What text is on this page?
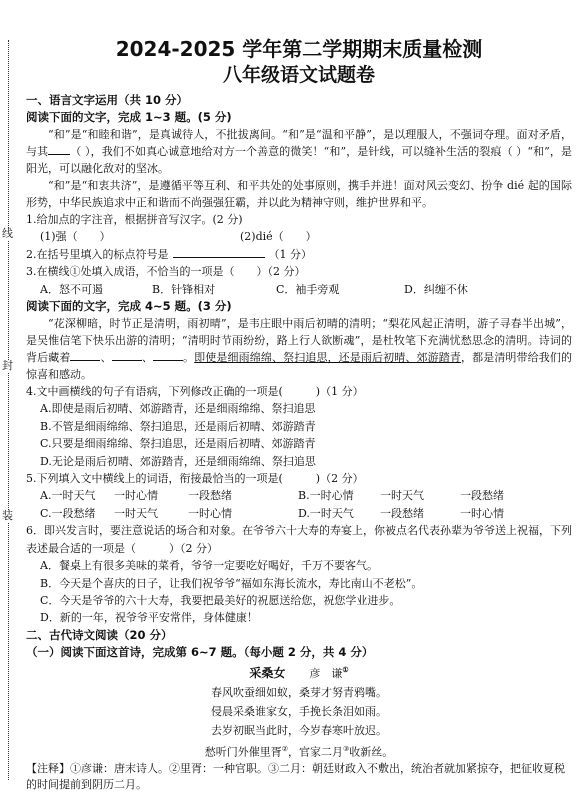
线
封
装
2024-2025 学年第二学期期末质量检测
八年级语文试题卷
一、语言文字运用（共 10 分）
阅读下面的文字，完成 1~3 题。(5 分)
“和”是“和睦和谐”，是真诚待人，不批拔离间。“和”是“温和平静”，是以理服人，不强词夺理。面对矛盾，与其 （ ），我们不如真心诚意地给对方一个善意的微笑！“和”，是针线，可以缝补生活的裂痕（ ）“和”，是阳光，可以融化敌对的坚冰。
“和”是“和衷共济”，是遵循平等互利、和平共处的处事原则，携手并进！面对风云变幻、扮争 dié 起的国际形势，中华民族追求中正和谐而不尚强强狂霸，并以此为精神守则，维护世界和平。
1.给加点的字注音，根据拼音写汉字。(2 分)
(1)强（　　）	(2)dié（　　）
2.在括号里填入的标点符号是	（1 分）
3.在横线①处填入成语，不恰当的一项是（　　）（2 分）
A．怒不可遏	B．针锋相对	C．袖手旁观	D．纠缠不休
阅读下面的文字，完成 4~5 题。(3 分)
“花深柳暗，时节正是清明，雨初晴”，是韦庄眼中雨后初晴的清明；“梨花风起正清明，游子寻春半出城”，是吴惟信笔下快乐出游的清明；“清明时节雨纷纷，路上行人欲断魂”，是杜牧笔下充满忧愁思念的清明。诗词的背后藏着	、	、	。即使是细雨绵绵、祭扫追思，还是雨后初晴、郊游踏青，都是清明带给我们的惊喜和感动。
4.文中画横线的句子有语病，下列修改正确的一项是(　　　)（1 分）
A.即使是雨后初晴、郊游踏青，还是细雨绵绵、祭扫追思
B.不管是细雨绵绵、祭扫追思，还是雨后初晴、郊游踏青
C.只要是细雨绵绵、祭扫追思，还是雨后初晴、郊游踏青
D.无论是雨后初晴、郊游踏青，还是细雨绵绵、祭扫追思
5.下列填入文中横线上的词语，衔接最恰当的一项是(　　　)（2 分）
A.一时天气	一时心情	一段愁绪	B.一时心情	一时天气	一段愁绪
C.一段愁绪	一时天气	一时心情	D.一时天气	一段愁绪	一时心情
6．即兴发言时，要注意说话的场合和对象。在爷爷六十大寿的寿宴上，你被点名代表孙辈为爷爷送上祝福，下列表述最合适的一项是（　　　）（2 分）
A．餐桌上有很多美味的菜肴，爷爷一定要吃好喝好，千万不要客气。
B．今天是个喜庆的日子，让我们祝爷爷“福如东海长流水，寿比南山不老松”。
C．今天是爷爷的六十大寿，我要把最美好的祝愿送给您，祝您学业进步。
D．新的一年，祝爷爷平安常伴，身体健康！
二、古代诗文阅读（20 分）
（一）阅读下面这首诗，完成第 6~7 题。（每小题 2 分，共 4 分）
采桑女　　 彦　谦①
春风吹蚕细如蚁，桑芽才努青鸦嘴。
侵晨采桑谁家女，手挽长条泪如雨。
去岁初眠当此时，今岁春寒叶放迟。
愁听门外催里胥②，官家二月③收新丝。
【注释】①彦谦：唐末诗人。②里胥：一种官职。③二月：朝廷财政入不敷出，统治者就加紧掠夺，把征收夏税的时间提前到阴历二月。
